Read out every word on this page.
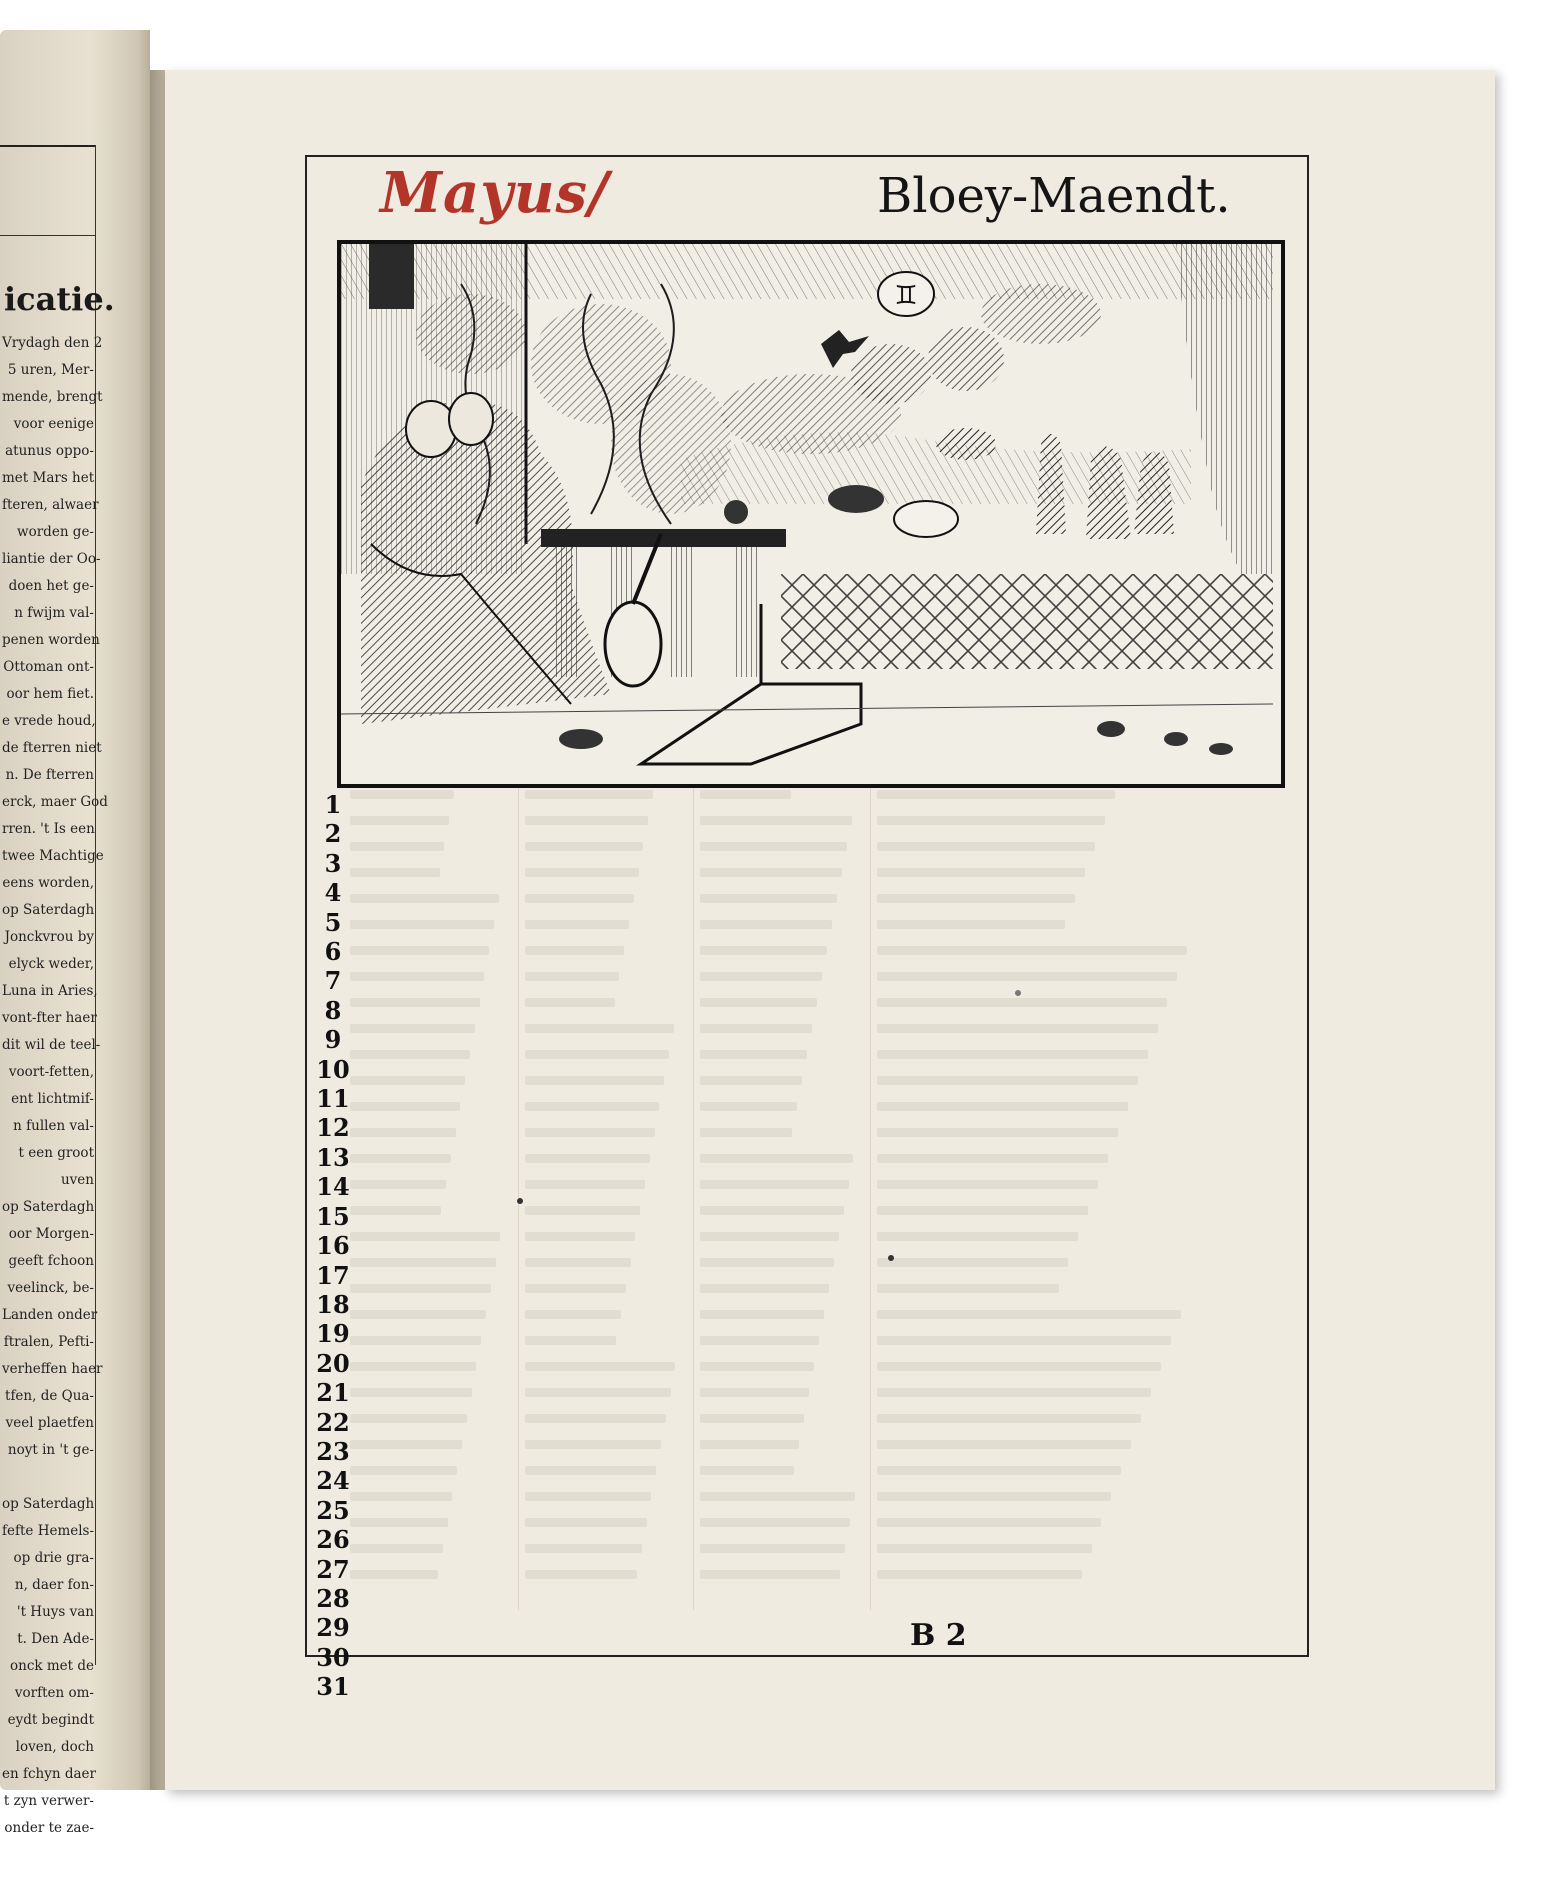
icatie.
Vrydagh den 2
5 uren, Mer-
mende, brengt
voor eenige
atunus oppo-
met Mars het
fteren, alwaer
worden ge-
liantie der Oo-
doen het ge-
n fwijm val-
penen worden
Ottoman ont-
oor hem fiet.
e vrede houd,
de fterren niet
n. De fterren
erck, maer God
rren. 't Is een
twee Machtige
eens worden,
op Saterdagh
Jonckvrou by
elyck weder,
Luna in Aries,
vont-fter haer
dit wil de teel-
voort-fetten,
ent lichtmif-
n fullen val-
t een groot
uven
op Saterdagh
oor Morgen-
geeft fchoon
veelinck, be-
Landen onder
ftralen, Pefti-
verheffen haer
tfen, de Qua-
veel plaetfen
noyt in 't ge-

op Saterdagh
fefte Hemels-
op drie gra-
n, daer fon-
't Huys van
t. Den Ade-
onck met de
vorften om-
eydt begindt
loven, doch
en fchyn daer
t zyn verwer-
onder te zae-
Mayus/	Bloey-Maendt.
♊
1
2
3
4
5
6
7
8
9
10
11
12
13
14
15
16
17
18
19
20
21
22
23
24
25
26
27
28
29
30
31
B 2
